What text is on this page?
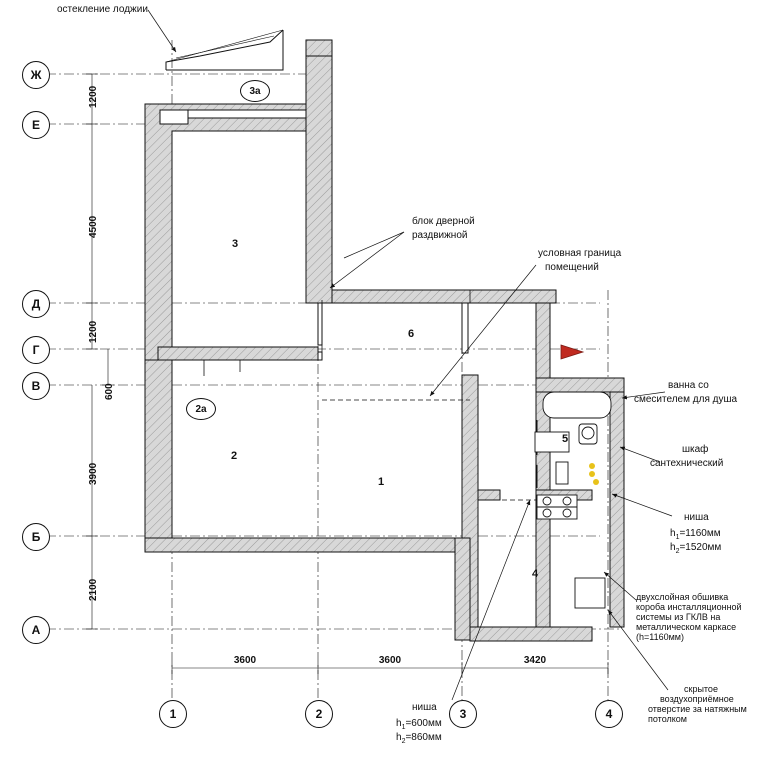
Ж
Е
Д
Г
В
Б
А
1	2	3	4
1200
4500
1200
600
3900
2100
3600	3600	3420
3
6
2
1
5
4
3а
2а
остекление лоджии
блок дверной
раздвижной
условная граница
помещений
ванна со
смесителем для душа
шкаф
сантехнический
ниша
$h_1=1160мм$
$h_2=1520мм$
двухслойная обшивка
короба инсталляционной
системы из ГКЛВ на
металлическом каркасе
(h=1160мм)
скрытое
воздухоприёмное
отверстие за натяжным
потолком
ниша
$h_1=600мм$
$h_2=860мм$
